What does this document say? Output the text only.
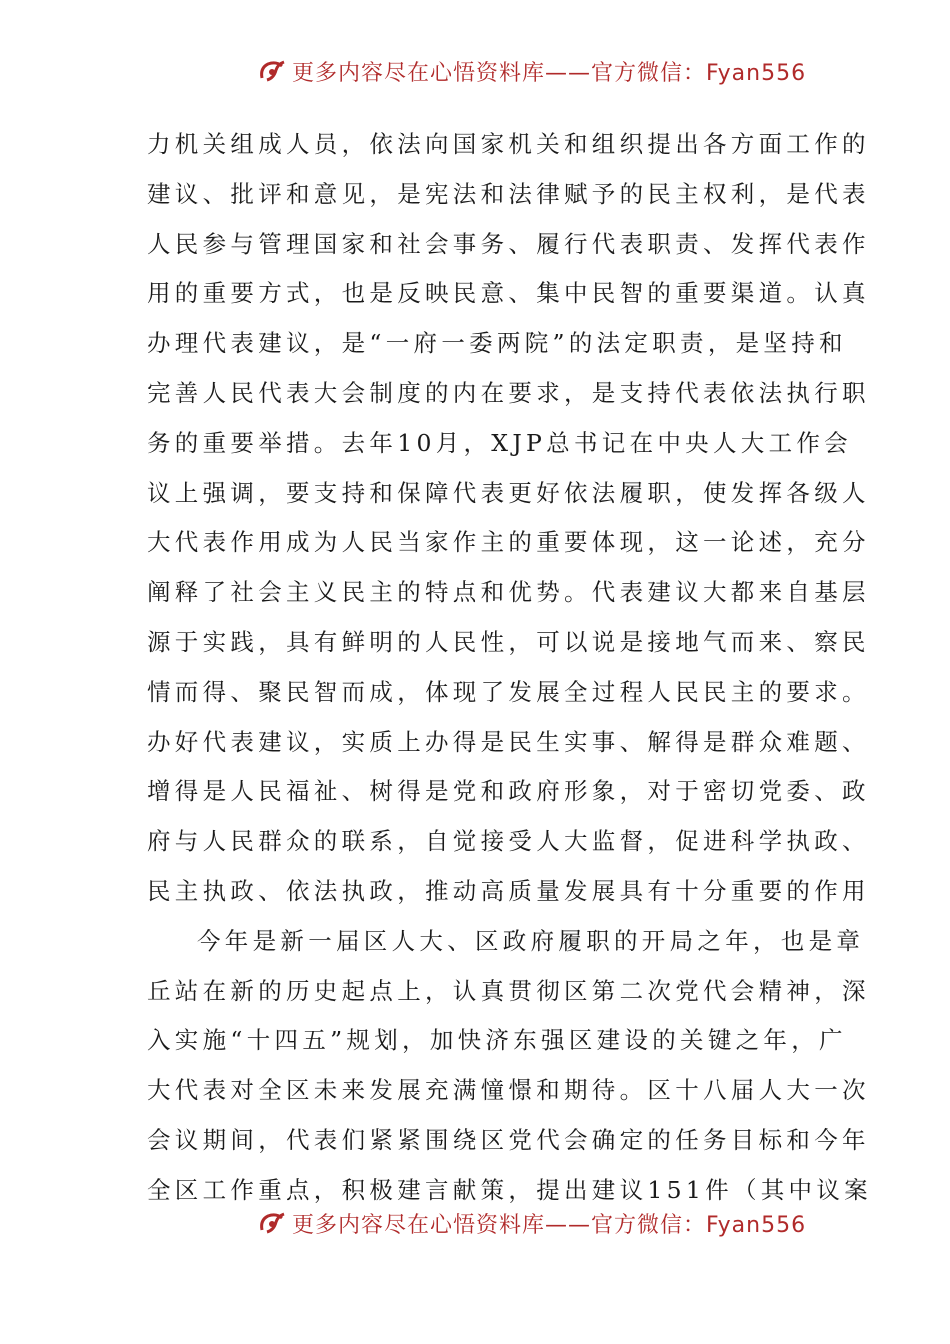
更多内容尽在心悟资料库——官方微信：Fyan556
力机关组成人员，依法向国家机关和组织提出各方面工作的
建议、批评和意见，是宪法和法律赋予的民主权利，是代表
人民参与管理国家和社会事务、履行代表职责、发挥代表作
用的重要方式，也是反映民意、集中民智的重要渠道。认真
办理代表建议，是“一府一委两院”的法定职责，是坚持和
完善人民代表大会制度的内在要求，是支持代表依法执行职
务的重要举措。去年10月，XJP总书记在中央人大工作会
议上强调，要支持和保障代表更好依法履职，使发挥各级人
大代表作用成为人民当家作主的重要体现，这一论述，充分
阐释了社会主义民主的特点和优势。代表建议大都来自基层
源于实践，具有鲜明的人民性，可以说是接地气而来、察民
情而得、聚民智而成，体现了发展全过程人民民主的要求。
办好代表建议，实质上办得是民生实事、解得是群众难题、
增得是人民福祉、树得是党和政府形象，对于密切党委、政
府与人民群众的联系，自觉接受人大监督，促进科学执政、
民主执政、依法执政，推动高质量发展具有十分重要的作用
今年是新一届区人大、区政府履职的开局之年，也是章
丘站在新的历史起点上，认真贯彻区第二次党代会精神，深
入实施“十四五”规划，加快济东强区建设的关键之年，广
大代表对全区未来发展充满憧憬和期待。区十八届人大一次
会议期间，代表们紧紧围绕区党代会确定的任务目标和今年
全区工作重点，积极建言献策，提出建议151件（其中议案
更多内容尽在心悟资料库——官方微信：Fyan556
